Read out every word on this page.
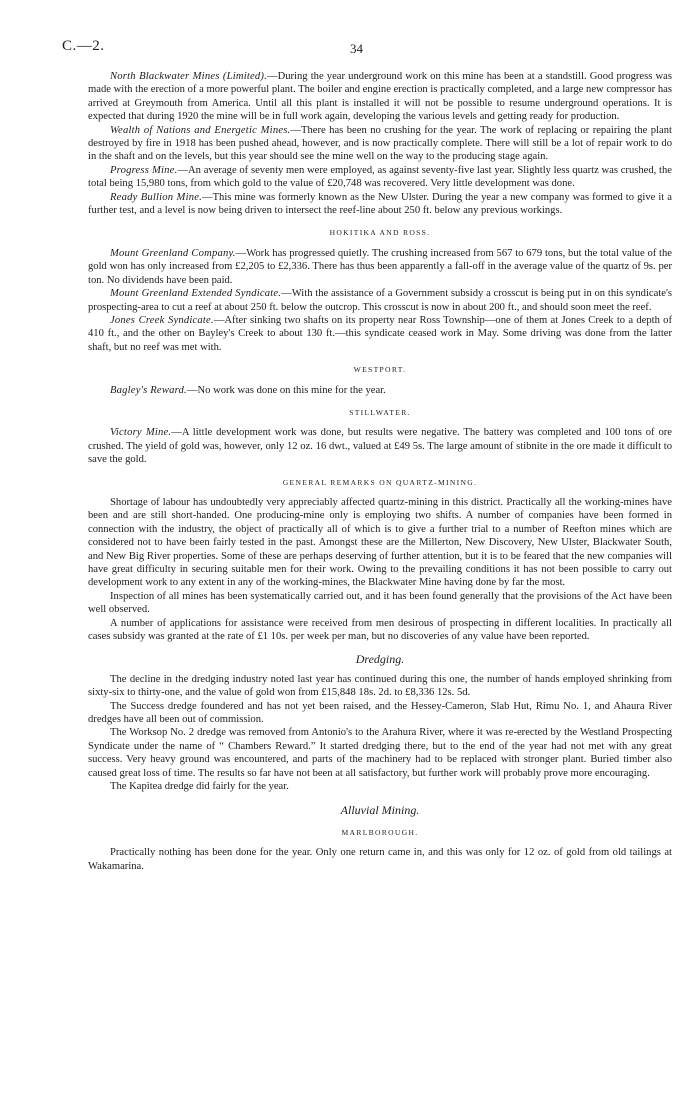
C.—2.	34

North Blackwater Mines (Limited).—During the year underground work on this mine has been at a standstill. Good progress was made with the erection of a more powerful plant. The boiler and engine erection is practically completed, and a large new compressor has arrived at Greymouth from America. Until all this plant is installed it will not be possible to resume underground operations. It is expected that during 1920 the mine will be in full work again, developing the various levels and getting ready for production.

Wealth of Nations and Energetic Mines.—There has been no crushing for the year. The work of replacing or repairing the plant destroyed by fire in 1918 has been pushed ahead, however, and is now practically complete. There will still be a lot of repair work to do in the shaft and on the levels, but this year should see the mine well on the way to the producing stage again.

Progress Mine.—An average of seventy men were employed, as against seventy-five last year. Slightly less quartz was crushed, the total being 15,980 tons, from which gold to the value of £20,748 was recovered. Very little development was done.

Ready Bullion Mine.—This mine was formerly known as the New Ulster. During the year a new company was formed to give it a further test, and a level is now being driven to intersect the reef-line about 250 ft. below any previous workings.

HOKITIKA AND ROSS.

Mount Greenland Company.—Work has progressed quietly. The crushing increased from 567 to 679 tons, but the total value of the gold won has only increased from £2,205 to £2,336. There has thus been apparently a fall-off in the average value of the quartz of 9s. per ton. No dividends have been paid.

Mount Greenland Extended Syndicate.—With the assistance of a Government subsidy a crosscut is being put in on this syndicate's prospecting-area to cut a reef at about 250 ft. below the outcrop. This crosscut is now in about 200 ft., and should soon meet the reef.

Jones Creek Syndicate.—After sinking two shafts on its property near Ross Township—one of them at Jones Creek to a depth of 410 ft., and the other on Bayley's Creek to about 130 ft.—this syndicate ceased work in May. Some driving was done from the latter shaft, but no reef was met with.

WESTPORT.

Bagley's Reward.—No work was done on this mine for the year.

STILLWATER.

Victory Mine.—A little development work was done, but results were negative. The battery was completed and 100 tons of ore crushed. The yield of gold was, however, only 12 oz. 16 dwt., valued at £49 5s. The large amount of stibnite in the ore made it difficult to save the gold.

GENERAL REMARKS ON QUARTZ-MINING.

Shortage of labour has undoubtedly very appreciably affected quartz-mining in this district. Practically all the working-mines have been and are still short-handed. One producing-mine only is employing two shifts. A number of companies have been formed in connection with the industry, the object of practically all of which is to give a further trial to a number of Reefton mines which are considered not to have been fairly tested in the past. Amongst these are the Millerton, New Discovery, New Ulster, Blackwater South, and New Big River properties. Some of these are perhaps deserving of further attention, but it is to be feared that the new companies will have great difficulty in securing suitable men for their work. Owing to the prevailing conditions it has not been possible to carry out development work to any extent in any of the working-mines, the Blackwater Mine having done by far the most.

Inspection of all mines has been systematically carried out, and it has been found generally that the provisions of the Act have been well observed.

A number of applications for assistance were received from men desirous of prospecting in different localities. In practically all cases subsidy was granted at the rate of £1 10s. per week per man, but no discoveries of any value have been reported.

Dredging.

The decline in the dredging industry noted last year has continued during this one, the number of hands employed shrinking from sixty-six to thirty-one, and the value of gold won from £15,848 18s. 2d. to £8,336 12s. 5d.

The Success dredge foundered and has not yet been raised, and the Hessey-Cameron, Slab Hut, Rimu No. 1, and Ahaura River dredges have all been out of commission.

The Worksop No. 2 dredge was removed from Antonio's to the Arahura River, where it was re-erected by the Westland Prospecting Syndicate under the name of “ Chambers Reward.” It started dredging there, but to the end of the year had not met with any great success. Very heavy ground was encountered, and parts of the machinery had to be replaced with stronger plant. Buried timber also caused great loss of time. The results so far have not been at all satisfactory, but further work will probably prove more encouraging.

The Kapitea dredge did fairly for the year.

Alluvial Mining.
MARLBOROUGH.

Practically nothing has been done for the year. Only one return came in, and this was only for 12 oz. of gold from old tailings at Wakamarina.
